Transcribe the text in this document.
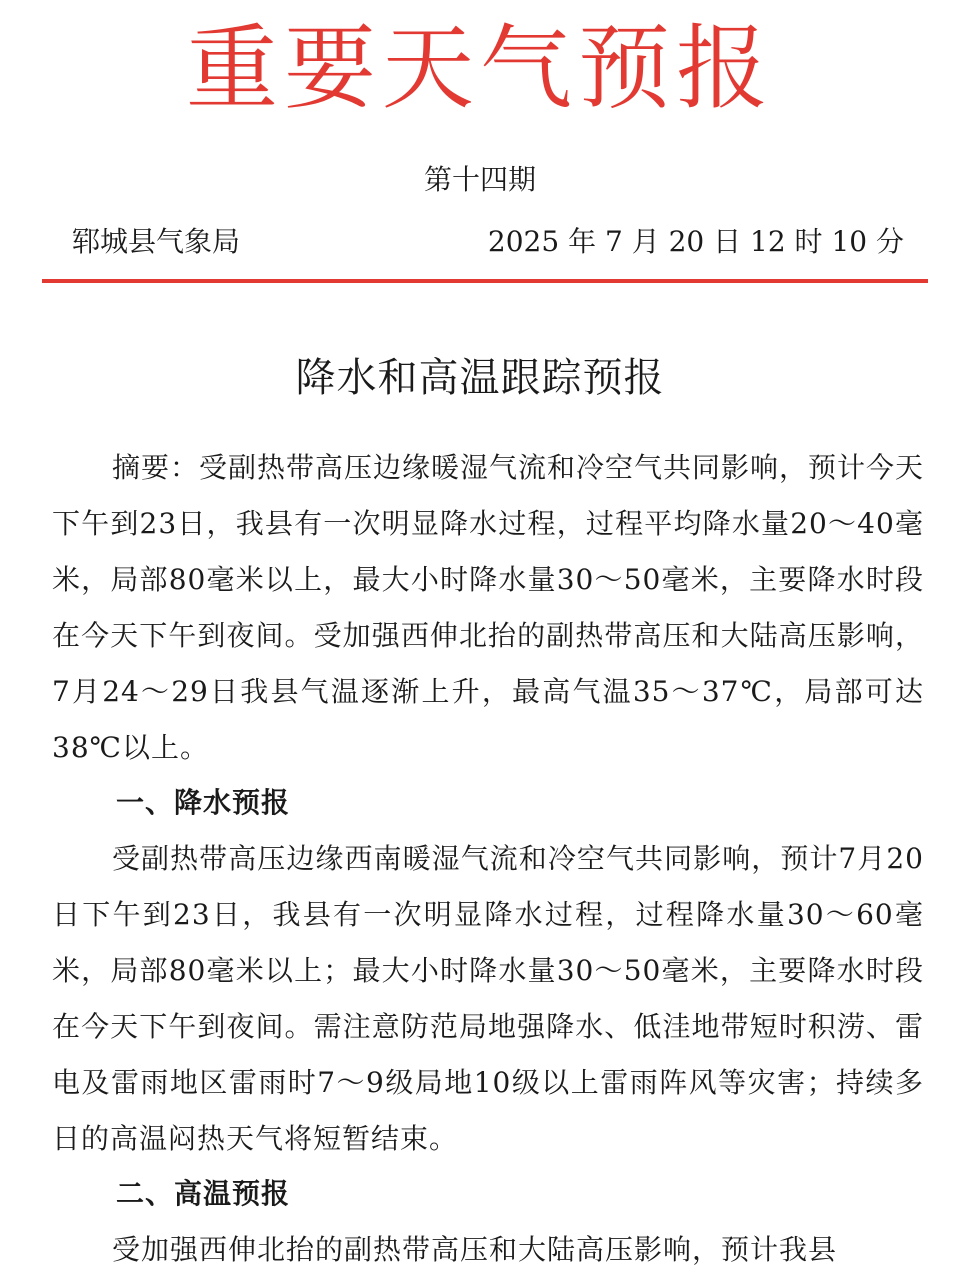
重要天气预报
第十四期
郓城县气象局	2025 年 7 月 20 日 12 时 10 分
降水和高温跟踪预报
摘要：受副热带高压边缘暖湿气流和冷空气共同影响，预计今天下午到23日，我县有一次明显降水过程，过程平均降水量20～40毫米，局部80毫米以上，最大小时降水量30～50毫米，主要降水时段在今天下午到夜间。受加强西伸北抬的副热带高压和大陆高压影响，7月24～29日我县气温逐渐上升，最高气温35～37℃，局部可达38℃以上。
一、降水预报
受副热带高压边缘西南暖湿气流和冷空气共同影响，预计7月20日下午到23日，我县有一次明显降水过程，过程降水量30～60毫米，局部80毫米以上；最大小时降水量30～50毫米，主要降水时段在今天下午到夜间。需注意防范局地强降水、低洼地带短时积涝、雷电及雷雨地区雷雨时7～9级局地10级以上雷雨阵风等灾害；持续多日的高温闷热天气将短暂结束。
二、高温预报
受加强西伸北抬的副热带高压和大陆高压影响，预计我县
